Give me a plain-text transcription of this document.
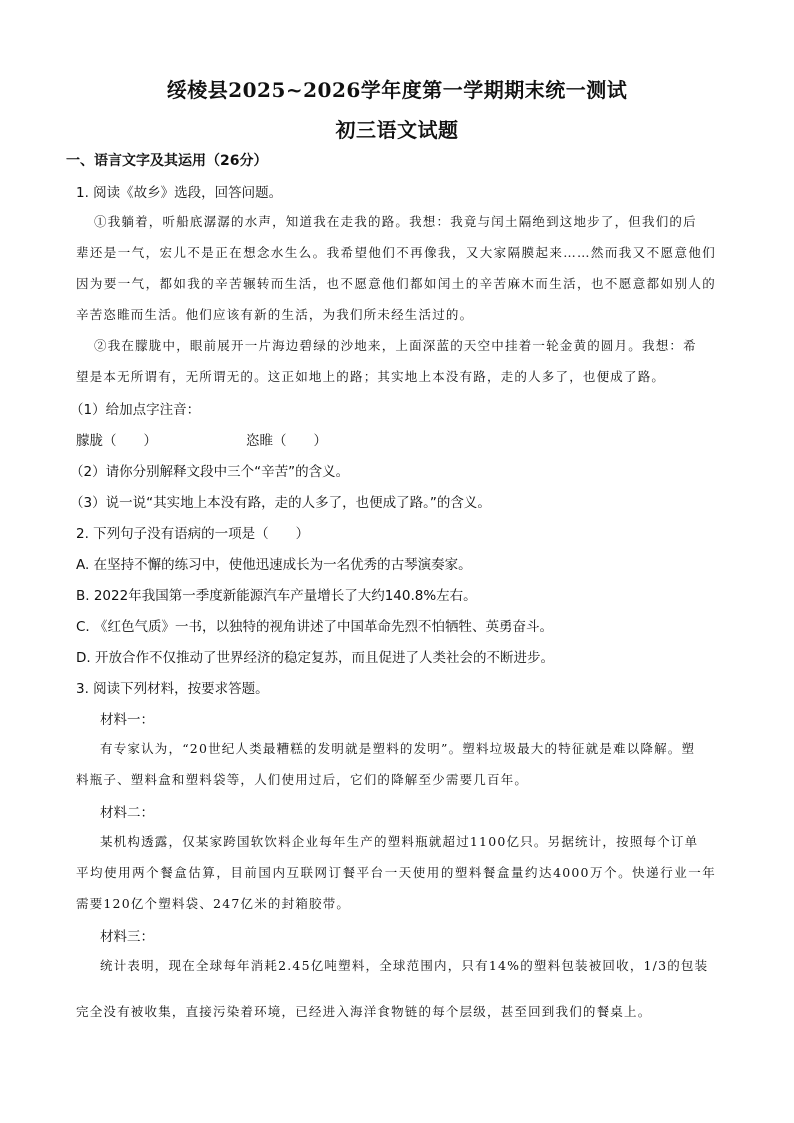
绥棱县2025~2026学年度第一学期期末统一测试
初三语文试题
一、语言文字及其运用（26分）
1. 阅读《故乡》选段，回答问题。
①我躺着，听船底潺潺的水声，知道我在走我的路。我想：我竟与闰土隔绝到这地步了，但我们的后
辈还是一气，宏儿不是正在想念水生么。我希望他们不再像我，又大家隔膜起来……然而我又不愿意他们
因为要一气，都如我的辛苦辗转而生活，也不愿意他们都如闰土的辛苦麻木而生活，也不愿意都如别人的
辛苦恣睢而生活。他们应该有新的生活，为我们所未经生活过的。
②我在朦胧中，眼前展开一片海边碧绿的沙地来，上面深蓝的天空中挂着一轮金黄的圆月。我想：希
望是本无所谓有，无所谓无的。这正如地上的路；其实地上本没有路，走的人多了，也便成了路。
（1）给加点字注音：
朦胧（　　）	恣睢（　　）
（2）请你分别解释文段中三个“辛苦”的含义。
（3）说一说“其实地上本没有路，走的人多了，也便成了路。”的含义。
2. 下列句子没有语病的一项是（　　）
A. 在坚持不懈的练习中，使他迅速成长为一名优秀的古琴演奏家。
B. 2022年我国第一季度新能源汽车产量增长了大约140.8%左右。
C. 《红色气质》一书，以独特的视角讲述了中国革命先烈不怕牺牲、英勇奋斗。
D. 开放合作不仅推动了世界经济的稳定复苏，而且促进了人类社会的不断进步。
3. 阅读下列材料，按要求答题。
材料一：
有专家认为，“20世纪人类最糟糕的发明就是塑料的发明”。塑料垃圾最大的特征就是难以降解。塑
料瓶子、塑料盒和塑料袋等，人们使用过后，它们的降解至少需要几百年。
材料二：
某机构透露，仅某家跨国软饮料企业每年生产的塑料瓶就超过1100亿只。另据统计，按照每个订单
平均使用两个餐盒估算，目前国内互联网订餐平台一天使用的塑料餐盒量约达4000万个。快递行业一年
需要120亿个塑料袋、247亿米的封箱胶带。
材料三：
统计表明，现在全球每年消耗2.45亿吨塑料，全球范围内，只有14%的塑料包装被回收，1/3的包装
完全没有被收集，直接污染着环境，已经进入海洋食物链的每个层级，甚至回到我们的餐桌上。
